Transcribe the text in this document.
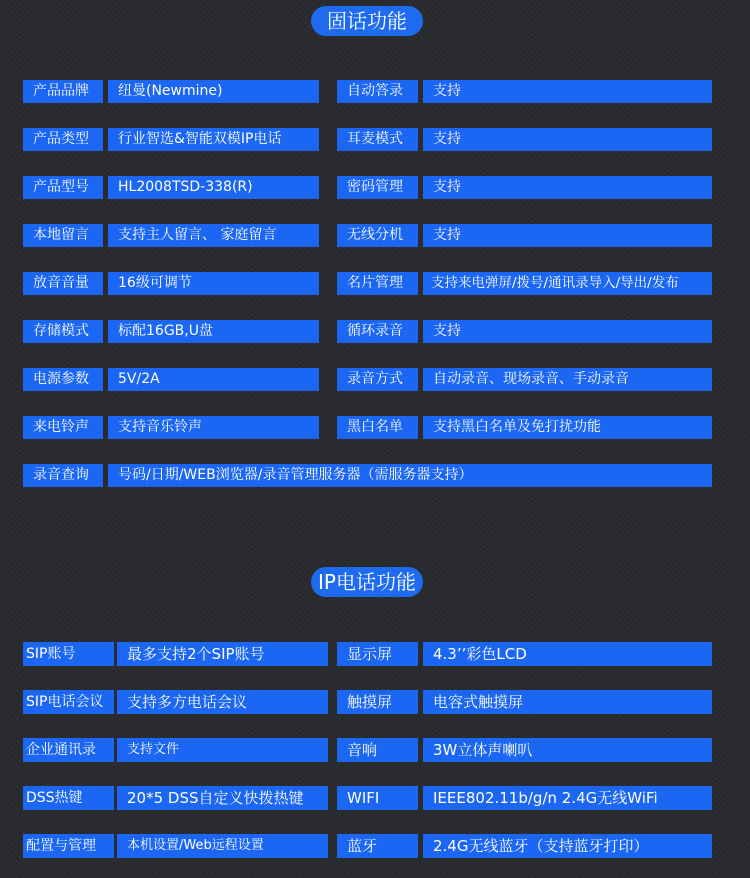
固话功能
产品品牌	纽曼(Newmine)	自动答录	支持
产品类型	行业智选&智能双模IP电话	耳麦模式	支持
产品型号	HL2008TSD-338(R)	密码管理	支持
本地留言	支持主人留言、 家庭留言	无线分机	支持
放音音量	16级可调节	名片管理	支持来电弹屏/拨号/通讯录导入/导出/发布
存储模式	标配16GB,U盘	循环录音	支持
电源参数	5V/2A	录音方式	自动录音、现场录音、手动录音
来电铃声	支持音乐铃声	黑白名单	支持黑白名单及免打扰功能
录音查询	号码/日期/WEB浏览器/录音管理服务器（需服务器支持）
IP电话功能
SIP账号	最多支持2个SIP账号	显示屏	4.3’’彩色LCD
SIP电话会议	支持多方电话会议	触摸屏	电容式触摸屏
企业通讯录	支持文件	音响	3W立体声喇叭
DSS热键	20*5 DSS自定义快拨热键	WIFI	IEEE802.11b/g/n 2.4G无线WiFi
配置与管理	本机设置/Web远程设置	蓝牙	2.4G无线蓝牙（支持蓝牙打印）
